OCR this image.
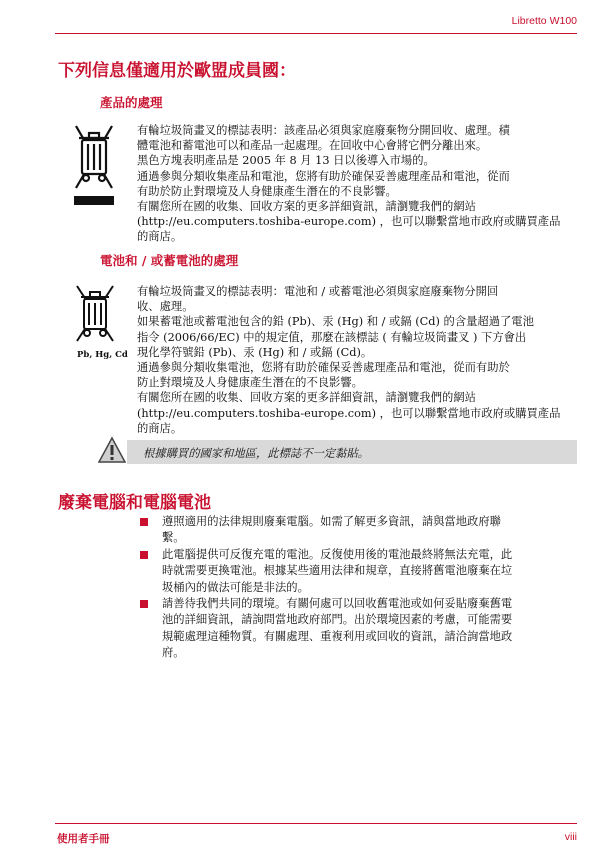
Libretto W100
下列信息僅適用於歐盟成員國：
產品的處理

有輪垃圾筒畫叉的標誌表明：該產品必須與家庭廢棄物分開回收、處理。積

體電池和蓄電池可以和產品一起處理。在回收中心會將它們分離出來。

黑色方塊表明產品是 2005 年 8 月 13 日以後導入市場的。

通過參與分類收集產品和電池，您將有助於確保妥善處理產品和電池，從而

有助於防止對環境及人身健康產生潛在的不良影響。

有關您所在國的收集、回收方案的更多詳細資訊，請瀏覽我們的網站

(http://eu.computers.toshiba-europe.com) ，也可以聯繫當地市政府或購買產品

的商店。

電池和 / 或蓄電池的處理
Pb, Hg, Cd

有輪垃圾筒畫叉的標誌表明：電池和 / 或蓄電池必須與家庭廢棄物分開回

收、處理。

如果蓄電池或蓄電池包含的鉛 (Pb)、汞 (Hg) 和 / 或鎘 (Cd) 的含量超過了電池

指令 (2006/66/EC) 中的規定值，那麼在該標誌 ( 有輪垃圾筒畫叉 ) 下方會出

現化學符號鉛 (Pb)、汞 (Hg) 和 / 或鎘 (Cd)。

通過參與分類收集電池，您將有助於確保妥善處理產品和電池，從而有助於

防止對環境及人身健康產生潛在的不良影響。

有關您所在國的收集、回收方案的更多詳細資訊，請瀏覽我們的網站

(http://eu.computers.toshiba-europe.com) ，也可以聯繫當地市政府或購買產品

的商店。

根據購買的國家和地區，此標誌不一定黏貼。
廢棄電腦和電腦電池
遵照適用的法律規則廢棄電腦。如需了解更多資訊，請與當地政府聯
繫。
此電腦提供可反復充電的電池。反復使用後的電池最終將無法充電，此
時就需要更換電池。根據某些適用法律和規章，直接將舊電池廢棄在垃
圾桶內的做法可能是非法的。
請善待我們共同的環境。有關何處可以回收舊電池或如何妥貼廢棄舊電
池的詳細資訊，請詢問當地政府部門。出於環境因素的考慮，可能需要
規範處理這種物質。有關處理、重複利用或回收的資訊，請洽詢當地政
府。
使用者手冊	viii
